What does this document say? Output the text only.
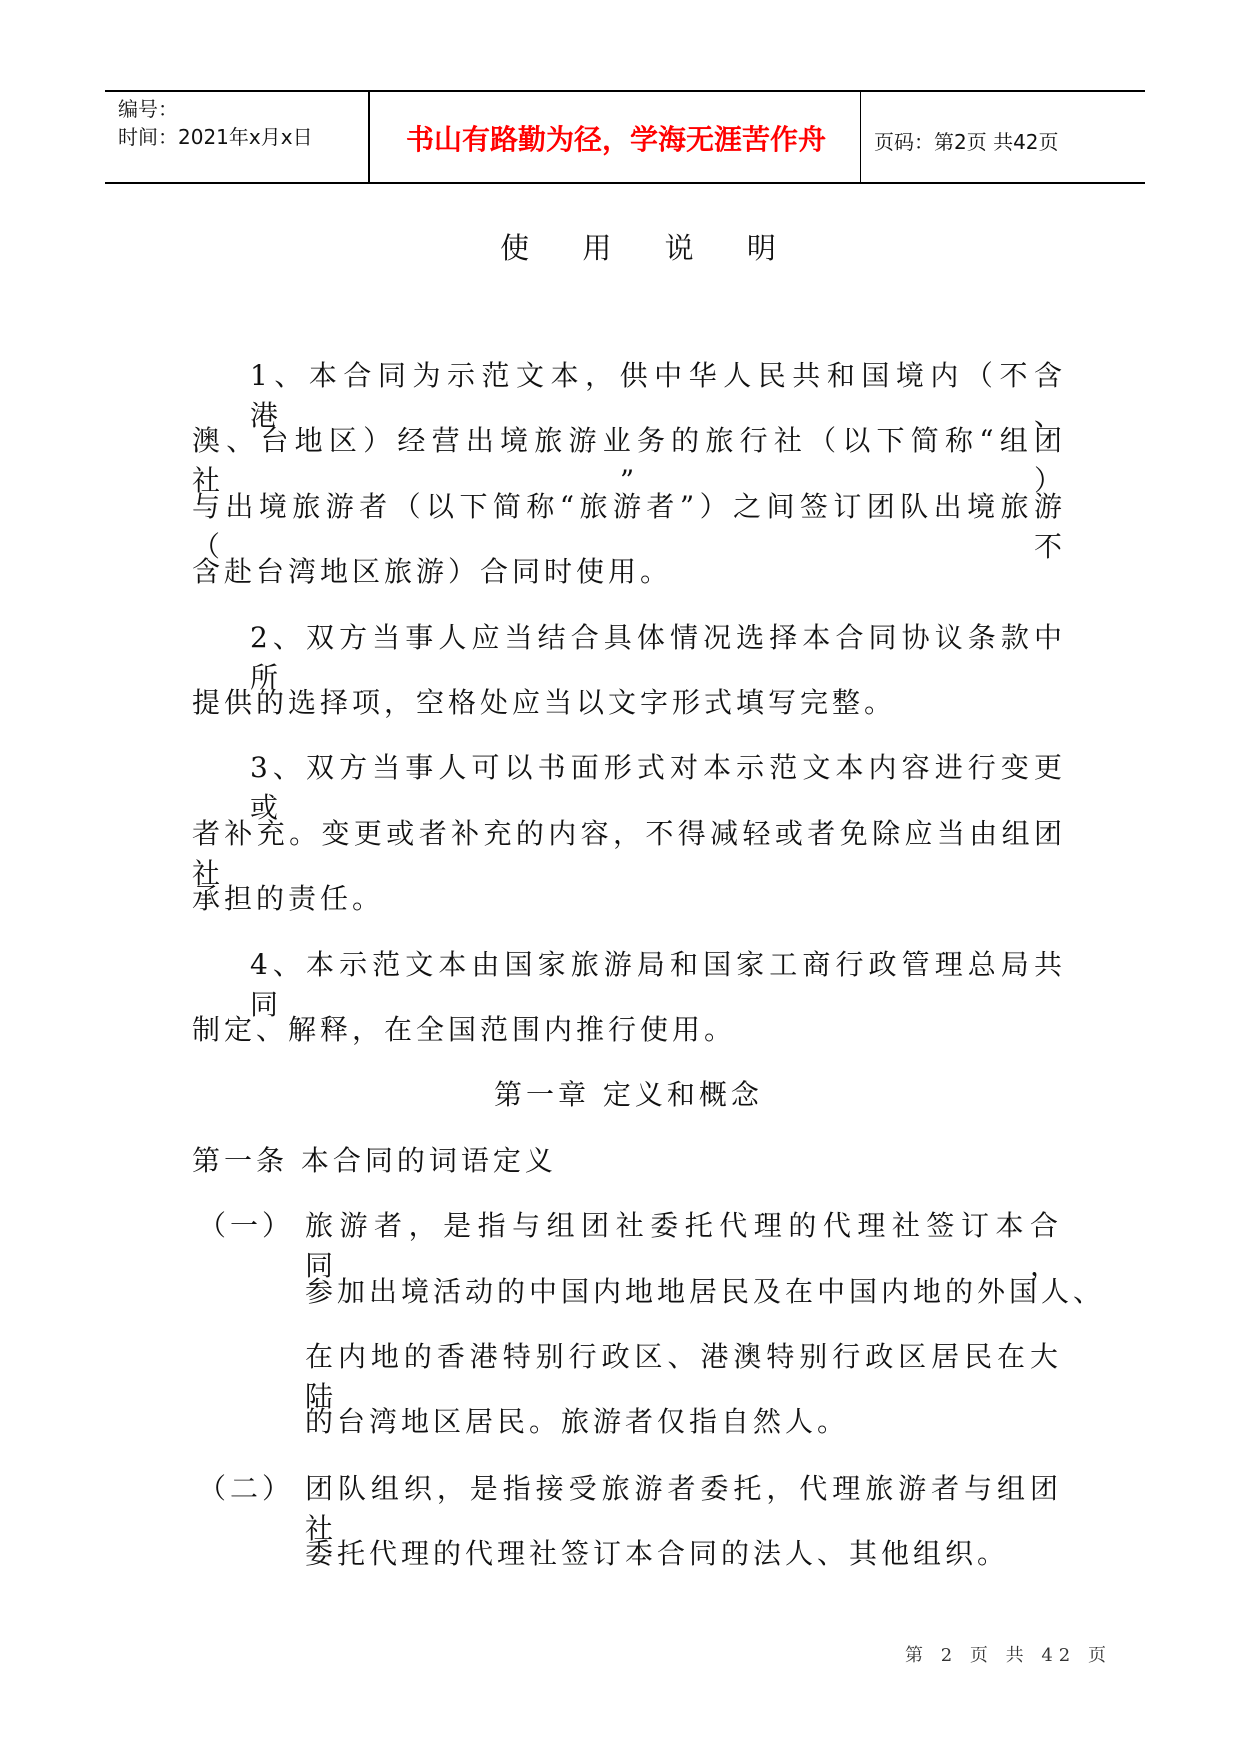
编号：
时间：2021年x月x日	书山有路勤为径，学海无涯苦作舟	页码：第2页 共42页
使 用 说 明
1、本合同为示范文本，供中华人民共和国境内（不含港、
澳、台地区）经营出境旅游业务的旅行社（以下简称“组团社”）
与出境旅游者（以下简称“旅游者”）之间签订团队出境旅游（不
含赴台湾地区旅游）合同时使用。
2、双方当事人应当结合具体情况选择本合同协议条款中所
提供的选择项，空格处应当以文字形式填写完整。
3、双方当事人可以书面形式对本示范文本内容进行变更或
者补充。变更或者补充的内容，不得减轻或者免除应当由组团社
承担的责任。
4、本示范文本由国家旅游局和国家工商行政管理总局共同
制定、解释，在全国范围内推行使用。
第一章 定义和概念
第一条 本合同的词语定义
（一） 旅游者，是指与组团社委托代理的代理社签订本合同，
参加出境活动的中国内地地居民及在中国内地的外国人、
在内地的香港特别行政区、港澳特别行政区居民在大陆
的台湾地区居民。旅游者仅指自然人。
（二） 团队组织，是指接受旅游者委托，代理旅游者与组团社
委托代理的代理社签订本合同的法人、其他组织。
第 2 页 共 42 页
